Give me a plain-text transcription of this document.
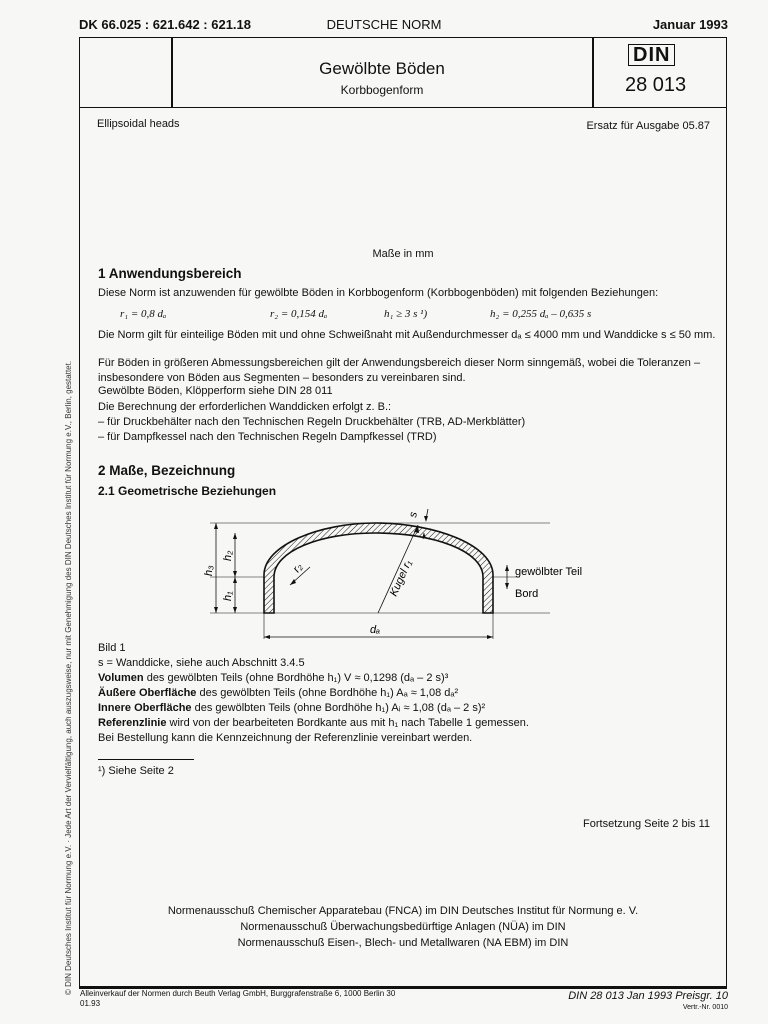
DK 66.025 : 621.642 : 621.18	DEUTSCHE NORM	Januar 1993
Gewölbte Böden
Korbbogenform
DIN
28 013
Ellipsoidal heads	Ersatz für Ausgabe 05.87
Maße in mm
1 Anwendungsbereich
Diese Norm ist anzuwenden für gewölbte Böden in Korbbogenform (Korbbogenböden) mit folgenden Beziehungen:
r₁ = 0,8 dₐ	r₂ = 0,154 dₐ	h₁ ≥ 3 s ¹)	h₂ = 0,255 dₐ – 0,635 s
Die Norm gilt für einteilige Böden mit und ohne Schweißnaht mit Außendurchmesser dₐ ≤ 4000 mm und Wanddicke s ≤ 50 mm.
Für Böden in größeren Abmessungsbereichen gilt der Anwendungsbereich dieser Norm sinngemäß, wobei die Toleranzen – insbesondere von Böden aus Segmenten – besonders zu vereinbaren sind.
Gewölbte Böden, Klöpperform siehe DIN 28 011
Die Berechnung der erforderlichen Wanddicken erfolgt z. B.:
– für Druckbehälter nach den Technischen Regeln Druckbehälter (TRB, AD-Merkblätter)
– für Dampfkessel nach den Technischen Regeln Dampfkessel (TRD)
2 Maße, Bezeichnung
2.1 Geometrische Beziehungen
h₃
h₂
h₁
r₂	Kugel r₁
s
dₐ
gewölbter Teil
Bord
Bild 1
s = Wanddicke, siehe auch Abschnitt 3.4.5
Volumen des gewölbten Teils (ohne Bordhöhe h₁) V ≈ 0,1298 (dₐ – 2 s)³
Äußere Oberfläche des gewölbten Teils (ohne Bordhöhe h₁) Aₐ ≈ 1,08 dₐ²
Innere Oberfläche des gewölbten Teils (ohne Bordhöhe h₁) Aᵢ ≈ 1,08 (dₐ – 2 s)²
Referenzlinie wird von der bearbeiteten Bordkante aus mit h₁ nach Tabelle 1 gemessen.
Bei Bestellung kann die Kennzeichnung der Referenzlinie vereinbart werden.
¹) Siehe Seite 2
Fortsetzung Seite 2 bis 11
Normenausschuß Chemischer Apparatebau (FNCA) im DIN Deutsches Institut für Normung e. V.
Normenausschuß Überwachungsbedürftige Anlagen (NÜA) im DIN
Normenausschuß Eisen-, Blech- und Metallwaren (NA EBM) im DIN
© DIN Deutsches Institut für Normung e.V. · Jede Art der Vervielfältigung, auch auszugsweise, nur mit Genehmigung des DIN Deutsches Institut für Normung e.V., Berlin, gestattet. Alleinverkauf der Normen durch Beuth Verlag GmbH, Burggrafenstraße 6, 1000 Berlin 30
01.93
DIN 28 013 Jan 1993 Preisgr. 10
Vertr.-Nr. 0010
